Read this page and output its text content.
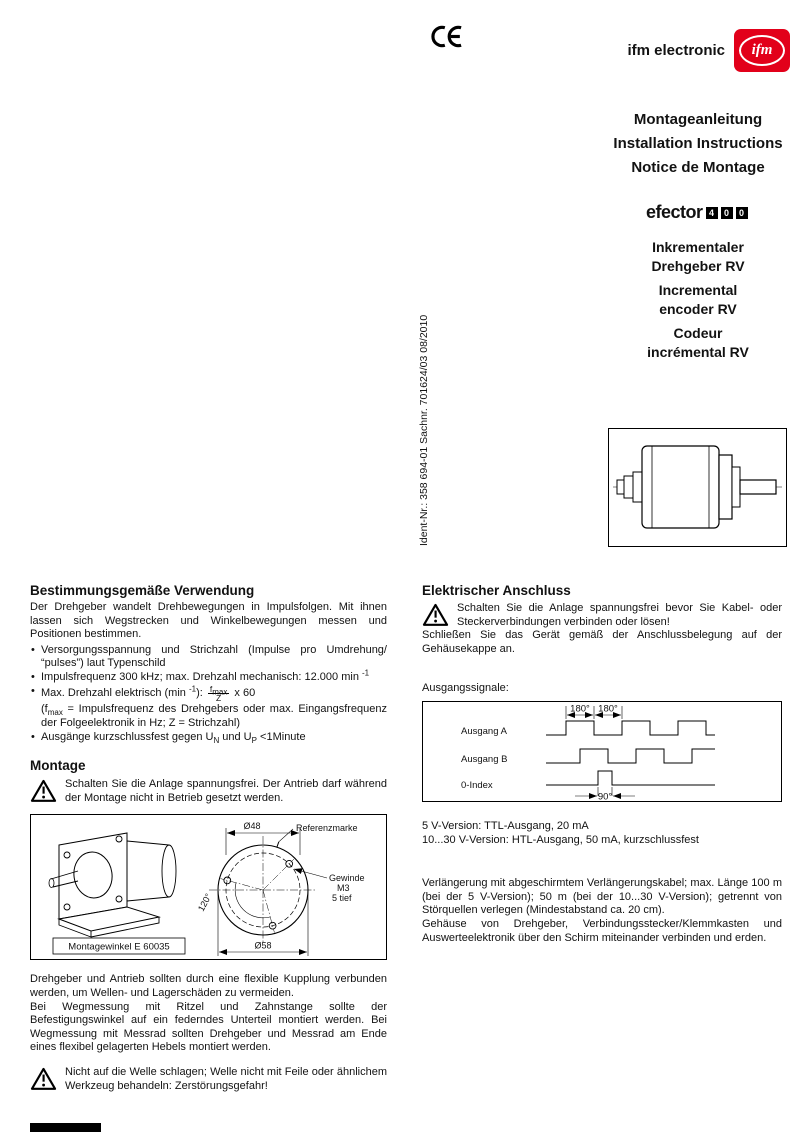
ifm electronic ifm
Montageanleitung
Installation Instructions
Notice de Montage
efector 4	0	0
Inkrementaler
Drehgeber RV
Incremental
encoder RV
Codeur
incrémental RV
Ident-Nr.: 358 694-01 Sachnr. 701624/03 08/2010
Bestimmungsgemäße Verwendung

Der Drehgeber wandelt Drehbewegungen in Impulsfolgen. Mit ihnen lassen sich Wegstrecken und Winkelbewegungen messen und Positionen bestimmen.

• Versorgungsspannung und Strichzahl (Impulse pro Umdrehung/ “pulses”) laut Typenschild
• Impulsfrequenz 300 kHz; max. Drehzahl mechanisch: 12.000 min $^{-1}$
• Max. Drehzahl elektrisch (min $^{-1}$): $\frac{f_{max}}{Z}$ x 60
($f_{max}$ = Impulsfrequenz des Drehgebers oder max. Eingangsfrequenz der Folgeelektronik in Hz; Z = Strichzahl)
• Ausgänge kurzschlussfest gegen $U_N$ und $U_P$ <1Minute
Montage

Schalten Sie die Anlage spannungsfrei. Der Antrieb darf während der Montage nicht in Betrieb gesetzt werden.

Montagewinkel E 60035
Ø48	Referenzmarke
Gewinde
M3
5 tief
120°
Ø58

Drehgeber und Antrieb sollten durch eine flexible Kupplung verbunden werden, um Wellen- und Lagerschäden zu vermeiden.

Bei Wegmessung mit Ritzel und Zahnstange sollte der Befestigungswinkel auf ein federndes Unterteil montiert werden. Bei Wegmessung mit Messrad sollten Drehgeber und Messrad am Ende eines flexibel gelagerten Hebels montiert werden.

Nicht auf die Welle schlagen; Welle nicht mit Feile oder ähnlichem Werkzeug behandeln: Zerstörungsgefahr!

Elektrischer Anschluss

Schalten Sie die Anlage spannungsfrei bevor Sie Kabel- oder Steckerverbindungen verbinden oder lösen!

Schließen Sie das Gerät gemäß der Anschlussbelegung auf der Gehäusekappe an.

Ausgangssignale:

Ausgang A
Ausgang B
0-Index
180° 180°
90°

5 V-Version: TTL-Ausgang, 20 mA

10...30 V-Version: HTL-Ausgang, 50 mA, kurzschlussfest

Verlängerung mit abgeschirmtem Verlängerungskabel; max. Länge 100 m (bei der 5 V-Version); 50 m (bei der 10...30 V-Version); getrennt von Störquellen verlegen (Mindestabstand ca. 20 cm).

Gehäuse von Drehgeber, Verbindungsstecker/Klemmkasten und Auswerteelektronik über den Schirm miteinander verbinden und erden.
